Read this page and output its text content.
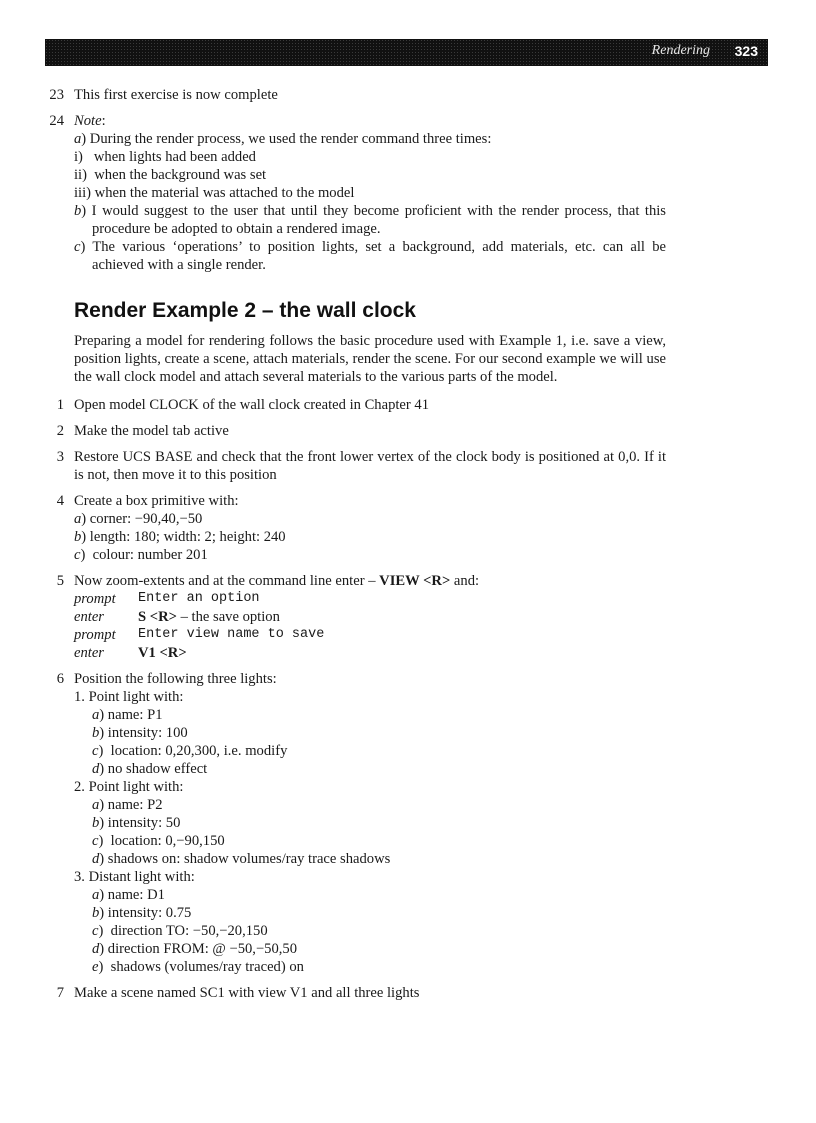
Rendering 323
23 This first exercise is now complete
24 Note:
a) During the render process, we used the render command three times:
i)   when lights had been added
ii)  when the background was set
iii) when the material was attached to the model
b) I would suggest to the user that until they become proficient with the render process, that this procedure be adopted to obtain a rendered image.
c) The various ‘operations’ to position lights, set a background, add materials, etc. can all be achieved with a single render.
Render Example 2 – the wall clock
Preparing a model for rendering follows the basic procedure used with Example 1, i.e. save a view, position lights, create a scene, attach materials, render the scene. For our second example we will use the wall clock model and attach several materials to the various parts of the model.
1 Open model CLOCK of the wall clock created in Chapter 41
2 Make the model tab active
3 Restore UCS BASE and check that the front lower vertex of the clock body is positioned at 0,0. If it is not, then move it to this position
4 Create a box primitive with:
a) corner: −90,40,−50
b) length: 180; width: 2; height: 240
c)  colour: number 201
5 Now zoom-extents and at the command line enter – VIEW <R> and:
prompt	Enter an option
enter	S <R> – the save option
prompt	Enter view name to save
enter	V1 <R>
6 Position the following three lights:
1. Point light with:
a) name: P1
b) intensity: 100
c)  location: 0,20,300, i.e. modify
d) no shadow effect
2. Point light with:
a) name: P2
b) intensity: 50
c)  location: 0,−90,150
d) shadows on: shadow volumes/ray trace shadows
3. Distant light with:
a) name: D1
b) intensity: 0.75
c)  direction TO: −50,−20,150
d) direction FROM: @ −50,−50,50
e)  shadows (volumes/ray traced) on
7 Make a scene named SC1 with view V1 and all three lights
